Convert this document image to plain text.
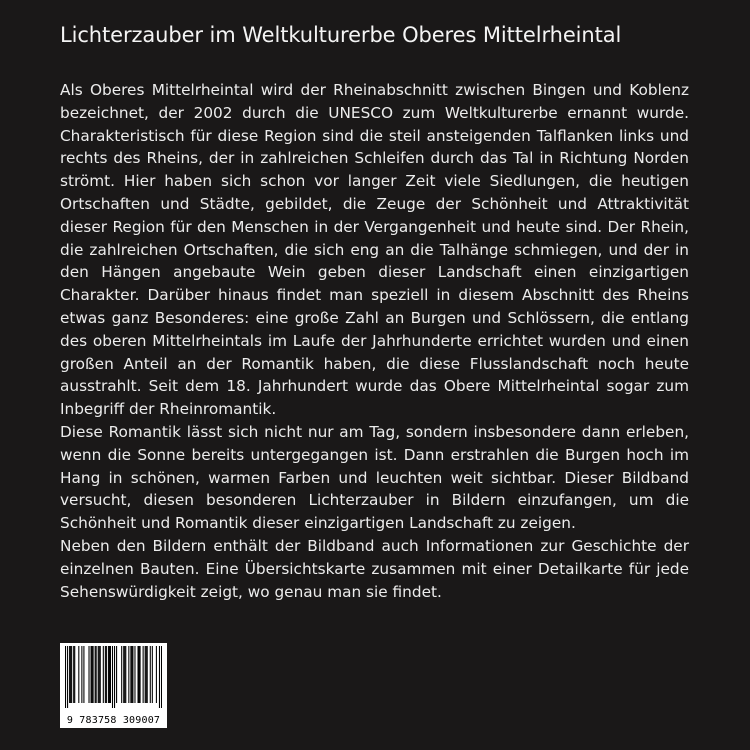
Lichterzauber im Weltkulturerbe Oberes Mittelrheintal

Als Oberes Mittelrheintal wird der Rheinabschnitt zwischen Bingen und Koblenz bezeichnet, der 2002 durch die UNESCO zum Weltkulturerbe ernannt wurde. Charakteristisch für diese Region sind die steil ansteigenden Talflanken links und rechts des Rheins, der in zahlreichen Schleifen durch das Tal in Richtung Norden strömt. Hier haben sich schon vor langer Zeit viele Siedlungen, die heutigen Ortschaften und Städte, gebildet, die Zeuge der Schönheit und Attraktivität dieser Region für den Menschen in der Vergangenheit und heute sind. Der Rhein, die zahlreichen Ortschaften, die sich eng an die Talhänge schmiegen, und der in den Hängen angebaute Wein geben dieser Landschaft einen einzigartigen Charakter. Darüber hinaus findet man speziell in diesem Abschnitt des Rheins etwas ganz Besonderes: eine große Zahl an Burgen und Schlössern, die entlang des oberen Mittelrheintals im Laufe der Jahrhunderte errichtet wurden und einen großen Anteil an der Romantik haben, die diese Flusslandschaft noch heute ausstrahlt. Seit dem 18. Jahrhundert wurde das Obere Mittelrheintal sogar zum Inbegriff der Rheinromantik.

Diese Romantik lässt sich nicht nur am Tag, sondern insbesondere dann erleben, wenn die Sonne bereits untergegangen ist. Dann erstrahlen die Burgen hoch im Hang in schönen, warmen Farben und leuchten weit sichtbar. Dieser Bildband versucht, diesen besonderen Lichterzauber in Bildern einzufangen, um die Schönheit und Romantik dieser einzigartigen Landschaft zu zeigen.

Neben den Bildern enthält der Bildband auch Informationen zur Geschichte der einzelnen Bauten. Eine Übersichtskarte zusammen mit einer Detailkarte für jede Sehenswürdigkeit zeigt, wo genau man sie findet.

9 783758 309007
